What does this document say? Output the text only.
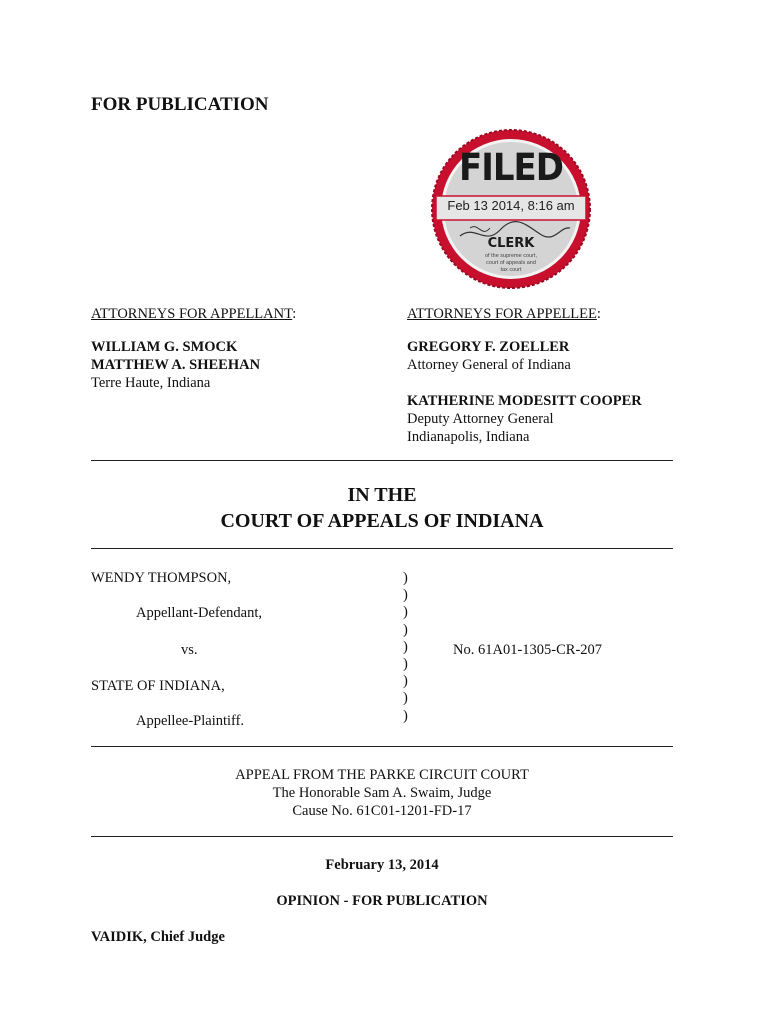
FOR PUBLICATION
FILED
Feb 13 2014, 8:16 am
CLERK
of the supreme court,
court of appeals and
tax court
ATTORNEYS FOR APPELLANT:
WILLIAM G. SMOCK
MATTHEW A. SHEEHAN
Terre Haute, Indiana
ATTORNEYS FOR APPELLEE:
GREGORY F. ZOELLER
Attorney General of Indiana
KATHERINE MODESITT COOPER
Deputy Attorney General
Indianapolis, Indiana
IN THE
COURT OF APPEALS OF INDIANA
WENDY THOMPSON,
Appellant-Defendant,
vs.
STATE OF INDIANA,
Appellee-Plaintiff.
)
)
)
)
)
)
)
)
)
No. 61A01-1305-CR-207
APPEAL FROM THE PARKE CIRCUIT COURT
The Honorable Sam A. Swaim, Judge
Cause No. 61C01-1201-FD-17
February 13, 2014
OPINION - FOR PUBLICATION
VAIDIK, Chief Judge
